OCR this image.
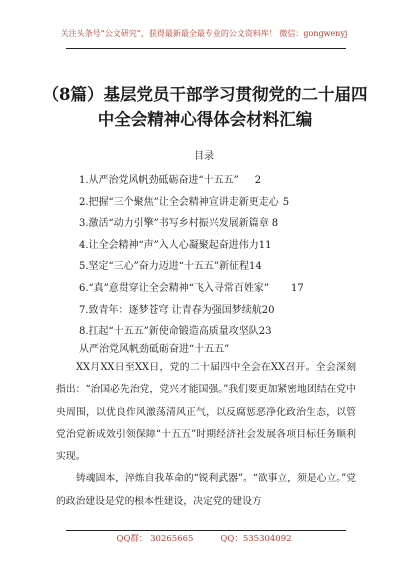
关注头条号“公文研究”，获得最新最全最专业的公文资料库！ 微信：gongwenyj
（8篇）基层党员干部学习贯彻党的二十届四中全会精神心得体会材料汇编
目录
1.从严治党风帆劲砥砺奋进“十五五” 2
2.把握“三个聚焦”让全会精神宣讲走新更走心 5
3.激活“动力引擎”书写乡村振兴发展新篇章 8
4.让全会精神“声”入人心凝聚起奋进伟力11
5.坚定“三心”奋力迈进“十五五”新征程14
6.“真”意贯穿让全会精神“飞入寻常百姓家” 17
7.致青年：逐梦苍穹 让青春为强国梦续航20
8.扛起“十五五”新使命锻造高质量攻坚队23
从严治党风帆劲砥砺奋进“十五五”

XX月XX日至XX日，党的二十届四中全会在XX召开。全会深刻指出：“治国必先治党，党兴才能国强。”我们要更加紧密地团结在党中央周围，以优良作风激荡清风正气，以反腐惩恶净化政治生态，以管党治党新成效引领保障“十五五”时期经济社会发展各项目标任务顺利实现。

铸魂固本，淬炼自我革命的“锐利武器”。“欲事立，须是心立。”党的政治建设是党的根本性建设，决定党的建设方

QQ群： 30265665          QQ：535304092
